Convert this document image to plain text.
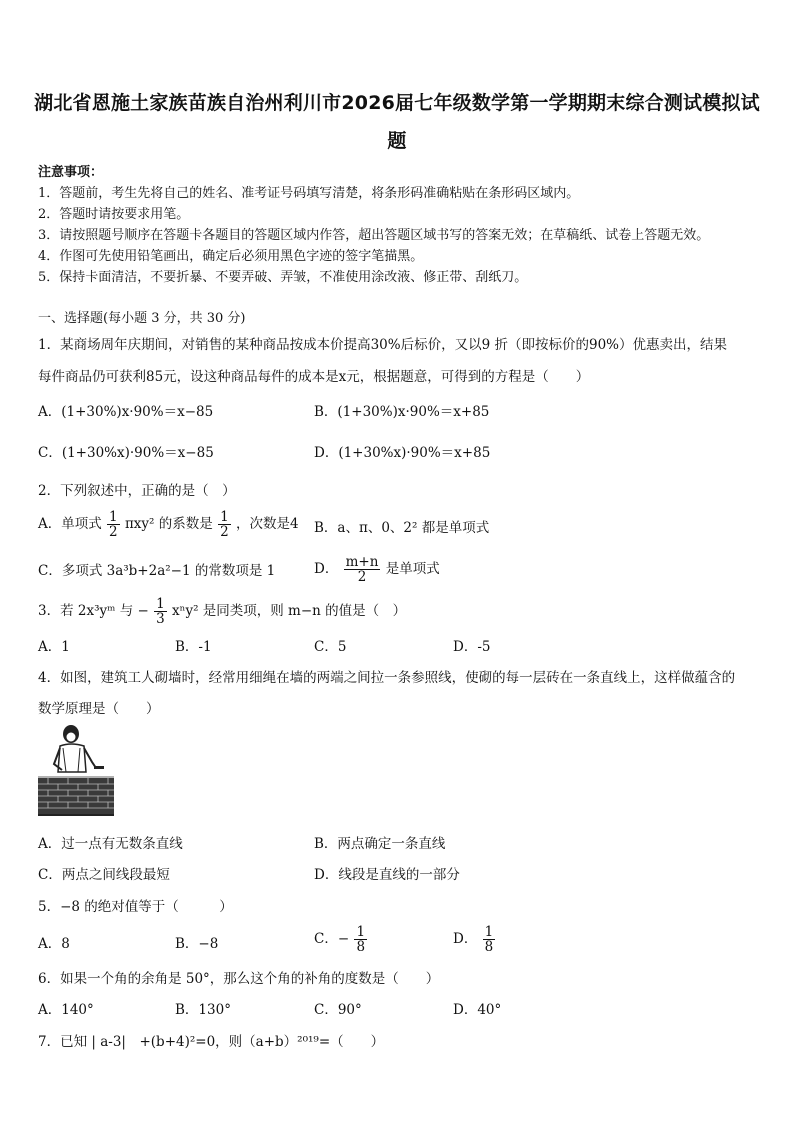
湖北省恩施土家族苗族自治州利川市2026届七年级数学第一学期期末综合测试模拟试
题
注意事项：
1．答题前，考生先将自己的姓名、准考证号码填写清楚，将条形码准确粘贴在条形码区域内。
2．答题时请按要求用笔。
3．请按照题号顺序在答题卡各题目的答题区域内作答，超出答题区域书写的答案无效；在草稿纸、试卷上答题无效。
4．作图可先使用铅笔画出，确定后必须用黑色字迹的签字笔描黑。
5．保持卡面清洁，不要折暴、不要弄破、弄皱，不准使用涂改液、修正带、刮纸刀。
一、选择题(每小题 3 分，共 30 分)
1．某商场周年庆期间，对销售的某种商品按成本价提高30%后标价，又以9 折（即按标价的90%）优惠卖出，结果
每件商品仍可获利85元，设这种商品每件的成本是x元，根据题意，可得到的方程是（　　）
A．(1+30%)x·90%＝x−85	B．(1+30%)x·90%＝x+85
C．(1+30%x)·90%＝x−85	D．(1+30%x)·90%＝x+85
2．下列叙述中，正确的是（　）
A．单项式 $\frac{1}{2} \pi xy^2$ 的系数是 $\frac{1}{2}$ ，次数是4 B．a、π、0、2² 都是单项式
C．多项式 3a³b+2a²−1 的常数项是 1	D． $\frac{m+n}{2}$ 是单项式
3．若 2x³yᵐ 与 − $\frac{1}{3} x^ny^2$ 是同类项，则 m−n 的值是（　）
A．1	B．-1	C．5	D．-5
4．如图，建筑工人砌墙时，经常用细绳在墙的两端之间拉一条参照线，使砌的每一层砖在一条直线上，这样做蕴含的
数学原理是（　　）
A．过一点有无数条直线	B．两点确定一条直线
C．两点之间线段最短	D．线段是直线的一部分
5．−8 的绝对值等于（　　　）
A．8	B．−8	C．− $\frac{1}{8}$	D． $\frac{1}{8}$
6．如果一个角的余角是 50°，那么这个角的补角的度数是（　　）
A．140°	B．130°	C．90°	D．40°
7．已知 | a-3|　+(b+4)²=0，则（a+b）²⁰¹⁹=（　　）
